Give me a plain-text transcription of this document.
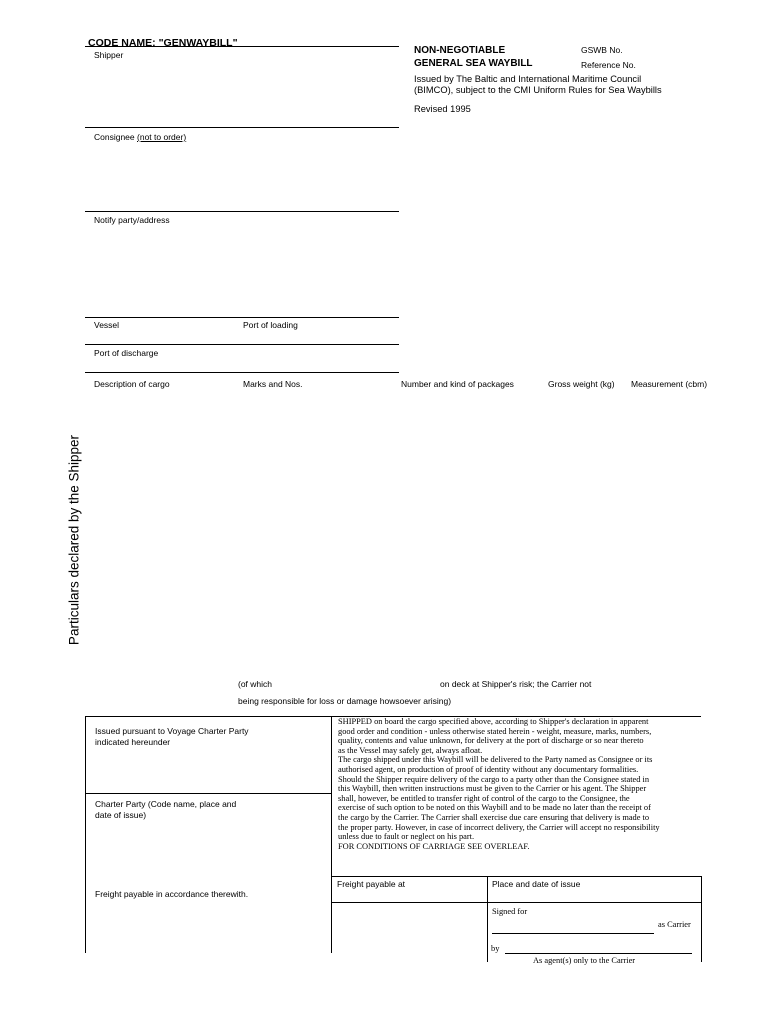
CODE NAME: "GENWAYBILL"
Shipper	NON-NEGOTIABLE
GENERAL SEA WAYBILL
GSWB No.
Reference No.
Issued by The Baltic and International Maritime Council
(BIMCO), subject to the CMI Uniform Rules for Sea Waybills
Revised 1995
Consignee (not to order)
Notify party/address
Vessel	Port of loading
Port of discharge
Description of cargo	Marks and Nos.	Number and kind of packages	Gross weight (kg) Measurement (cbm)
Particulars declared by the Shipper
(of which	on deck at Shipper's risk; the Carrier not
being responsible for loss or damage howsoever arising)
Issued pursuant to Voyage Charter Party
indicated hereunder
Charter Party (Code name, place and
date of issue)
Freight payable in accordance therewith.
SHIPPED on board the cargo specified above, according to Shipper's declaration in apparent
good order and condition - unless otherwise stated herein - weight, measure, marks, numbers,
quality, contents and value unknown, for delivery at the port of discharge or so near thereto
as the Vessel may safely get, always afloat.
The cargo shipped under this Waybill will be delivered to the Party named as Consignee or its
authorised agent, on production of proof of identity without any documentary formalities.
Should the Shipper require delivery of the cargo to a party other than the Consignee stated in
this Waybill, then written instructions must be given to the Carrier or his agent. The Shipper
shall, however, be entitled to transfer right of control of the cargo to the Consignee, the
exercise of such option to be noted on this Waybill and to be made no later than the receipt of
the cargo by the Carrier. The Carrier shall exercise due care ensuring that delivery is made to
the proper party. However, in case of incorrect delivery, the Carrier will accept no responsibility
unless due to fault or neglect on his part.
FOR CONDITIONS OF CARRIAGE SEE OVERLEAF.
Freight payable at	Place and date of issue
Signed for
as Carrier
by
As agent(s) only to the Carrier
